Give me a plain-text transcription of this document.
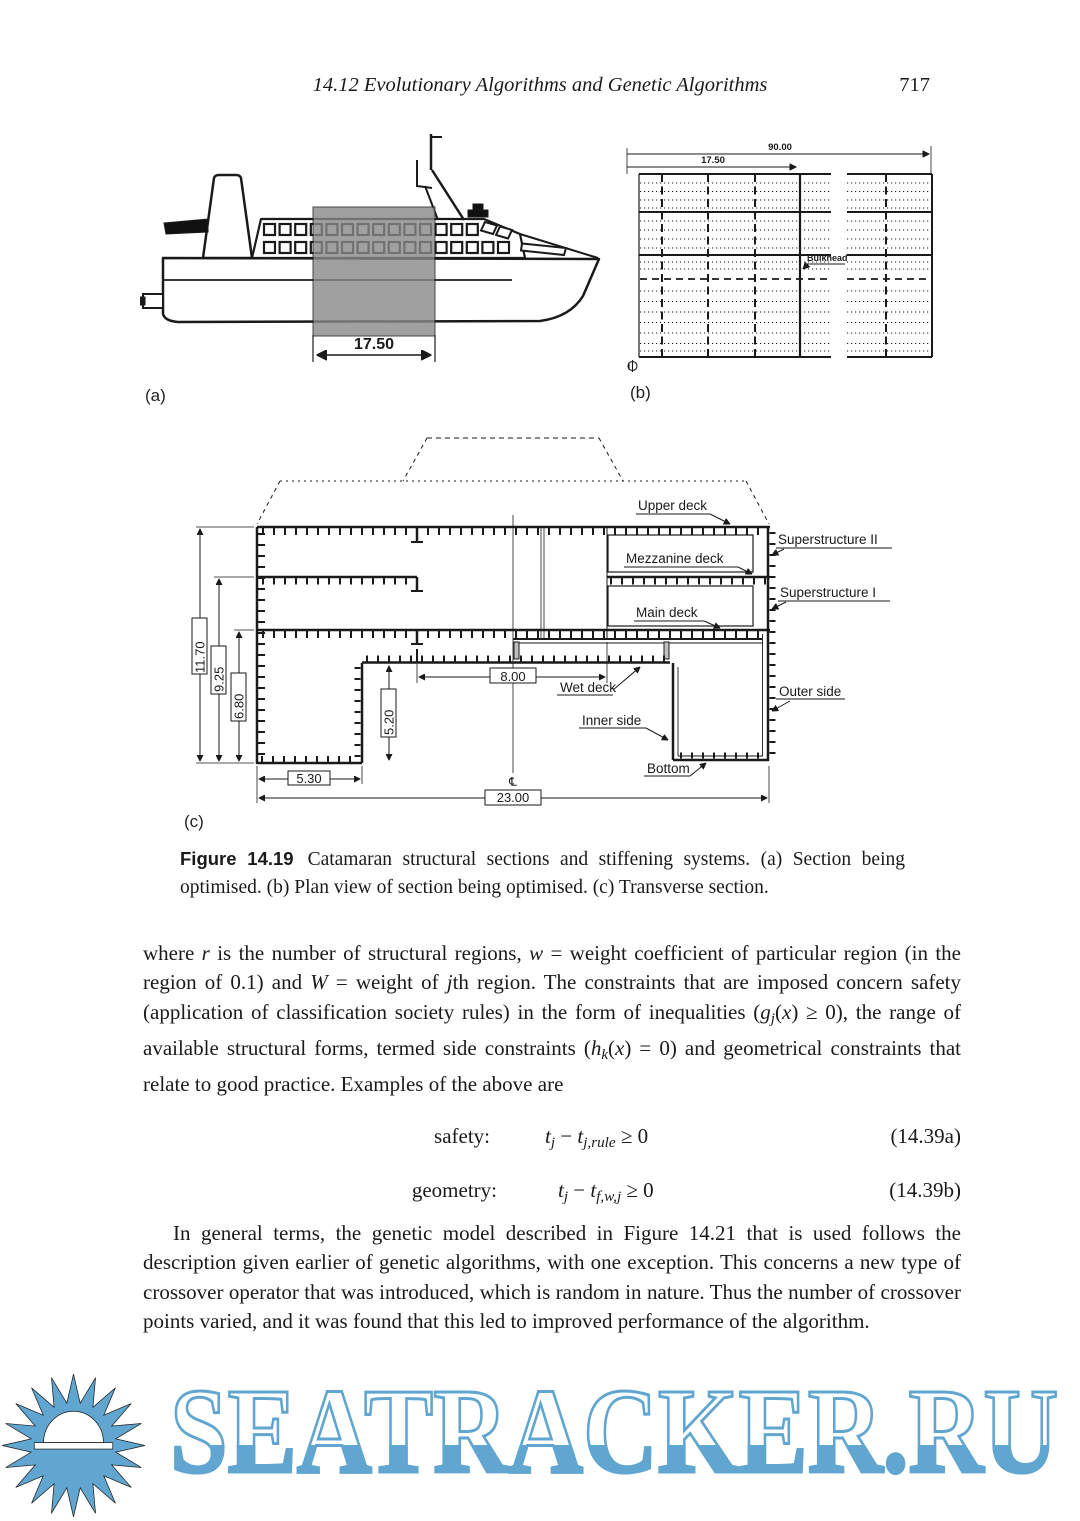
14.12 Evolutionary Algorithms and Genetic Algorithms	717
17.50
(a)
90.00
17.50
Bulkhead
(b)
11.70
9.25
6.80
5.20
8.00
5.30
23.00
℄
Upper deck
Superstructure II
Mezzanine deck
Superstructure I
Main deck
Wet deck	Outer side
Inner side
Bottom
(c)
Figure 14.19 Catamaran structural sections and stiffening systems. (a) Section being optimised. (b) Plan view of section being optimised. (c) Transverse section.
where r is the number of structural regions, w = weight coefficient of particular region (in the region of 0.1) and W = weight of jth region. The constraints that are imposed concern safety (application of classification society rules) in the form of inequalities (gj(x) ≥ 0), the range of available structural forms, termed side constraints (hk(x) = 0) and geometrical constraints that relate to good practice. Examples of the above are
safety:	tj − tj,rule ≥ 0	(14.39a)
geometry:	tj − tf,w,j ≥ 0	(14.39b)
In general terms, the genetic model described in Figure 14.21 that is used follows the description given earlier of genetic algorithms, with one exception. This concerns a new type of crossover operator that was introduced, which is random in nature. Thus the number of crossover points varied, and it was found that this led to improved performance of the algorithm.
SEATRACKER.RU
